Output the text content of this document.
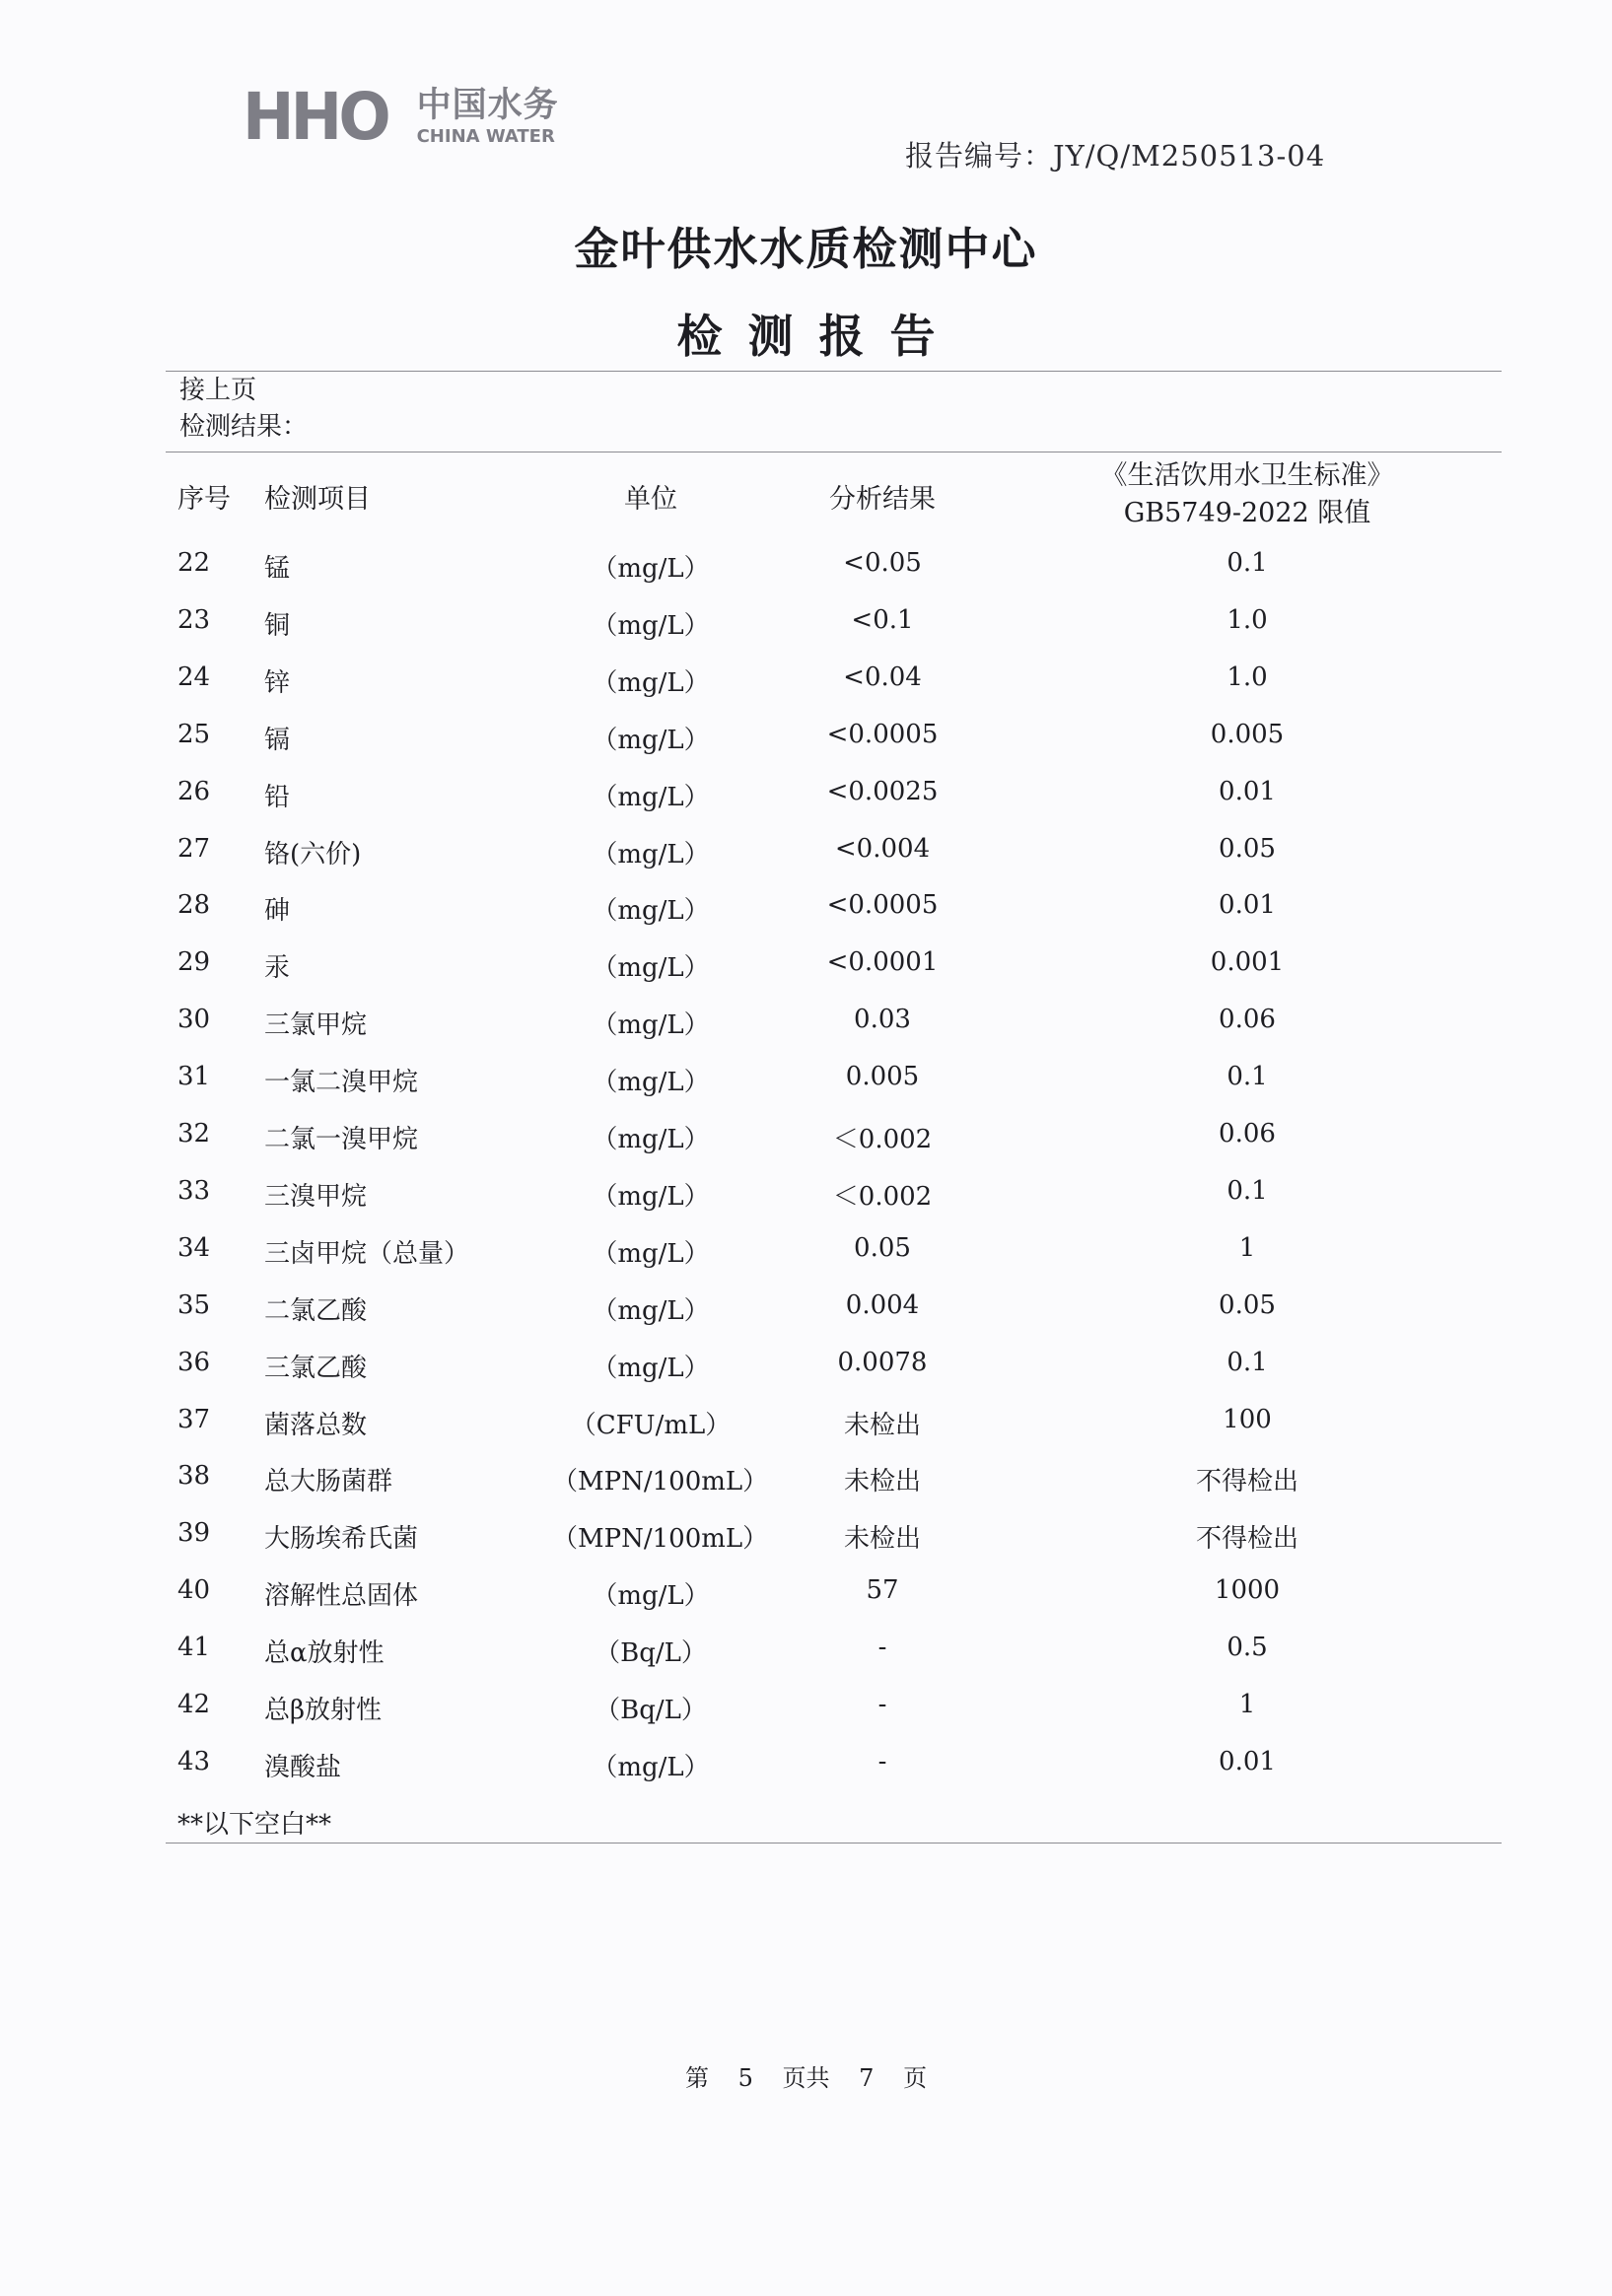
HHO 中国水务
CHINA WATER
报告编号：JY/Q/M250513-04
金叶供水水质检测中心
检测报告
接上页
检测结果：
序号 检测项目	单位	分析结果
《生活饮用水卫生标准》
GB5749-2022 限值
22	锰	（mg/L）	<0.05	0.1
23	铜	（mg/L）	<0.1	1.0
24	锌	（mg/L）	<0.04	1.0
25	镉	（mg/L）	<0.0005	0.005
26	铅	（mg/L）	<0.0025	0.01
27	铬(六价)	（mg/L）	<0.004	0.05
28	砷	（mg/L）	<0.0005	0.01
29	汞	（mg/L）	<0.0001	0.001
30	三氯甲烷	（mg/L）	0.03	0.06
31	一氯二溴甲烷	（mg/L）	0.005	0.1
32	二氯一溴甲烷	（mg/L）	＜0.002	0.06
33	三溴甲烷	（mg/L）	＜0.002	0.1
34	三卤甲烷（总量）	（mg/L）	0.05	1
35	二氯乙酸	（mg/L）	0.004	0.05
36	三氯乙酸	（mg/L）	0.0078	0.1
37	菌落总数	（CFU/mL）	未检出	100
38	总大肠菌群	（MPN/100mL）	未检出	不得检出
39	大肠埃希氏菌	（MPN/100mL）	未检出	不得检出
40	溶解性总固体	（mg/L）	57	1000
41	总α放射性	（Bq/L）	-	0.5
42	总β放射性	（Bq/L）	-	1
43	溴酸盐	（mg/L）	-	0.01
**以下空白**
第 5 页共 7 页
